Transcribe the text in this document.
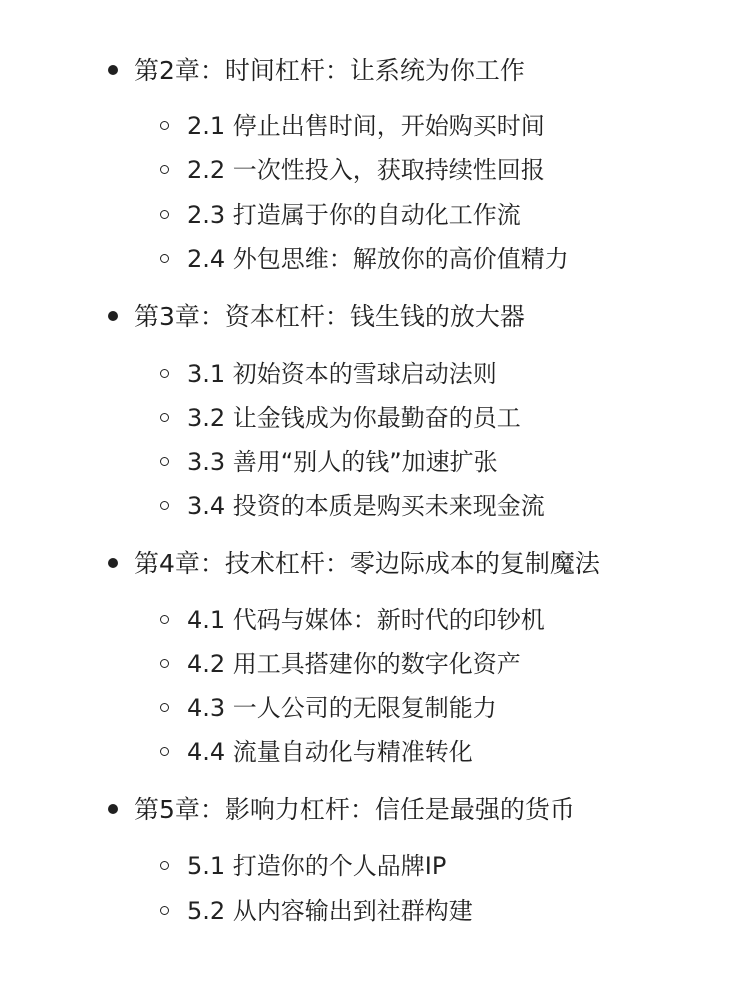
第2章：时间杠杆：让系统为你工作
2.1 停止出售时间，开始购买时间
2.2 一次性投入，获取持续性回报
2.3 打造属于你的自动化工作流
2.4 外包思维：解放你的高价值精力
第3章：资本杠杆：钱生钱的放大器
3.1 初始资本的雪球启动法则
3.2 让金钱成为你最勤奋的员工
3.3 善用“别人的钱”加速扩张
3.4 投资的本质是购买未来现金流
第4章：技术杠杆：零边际成本的复制魔法
4.1 代码与媒体：新时代的印钞机
4.2 用工具搭建你的数字化资产
4.3 一人公司的无限复制能力
4.4 流量自动化与精准转化
第5章：影响力杠杆：信任是最强的货币
5.1 打造你的个人品牌IP
5.2 从内容输出到社群构建
